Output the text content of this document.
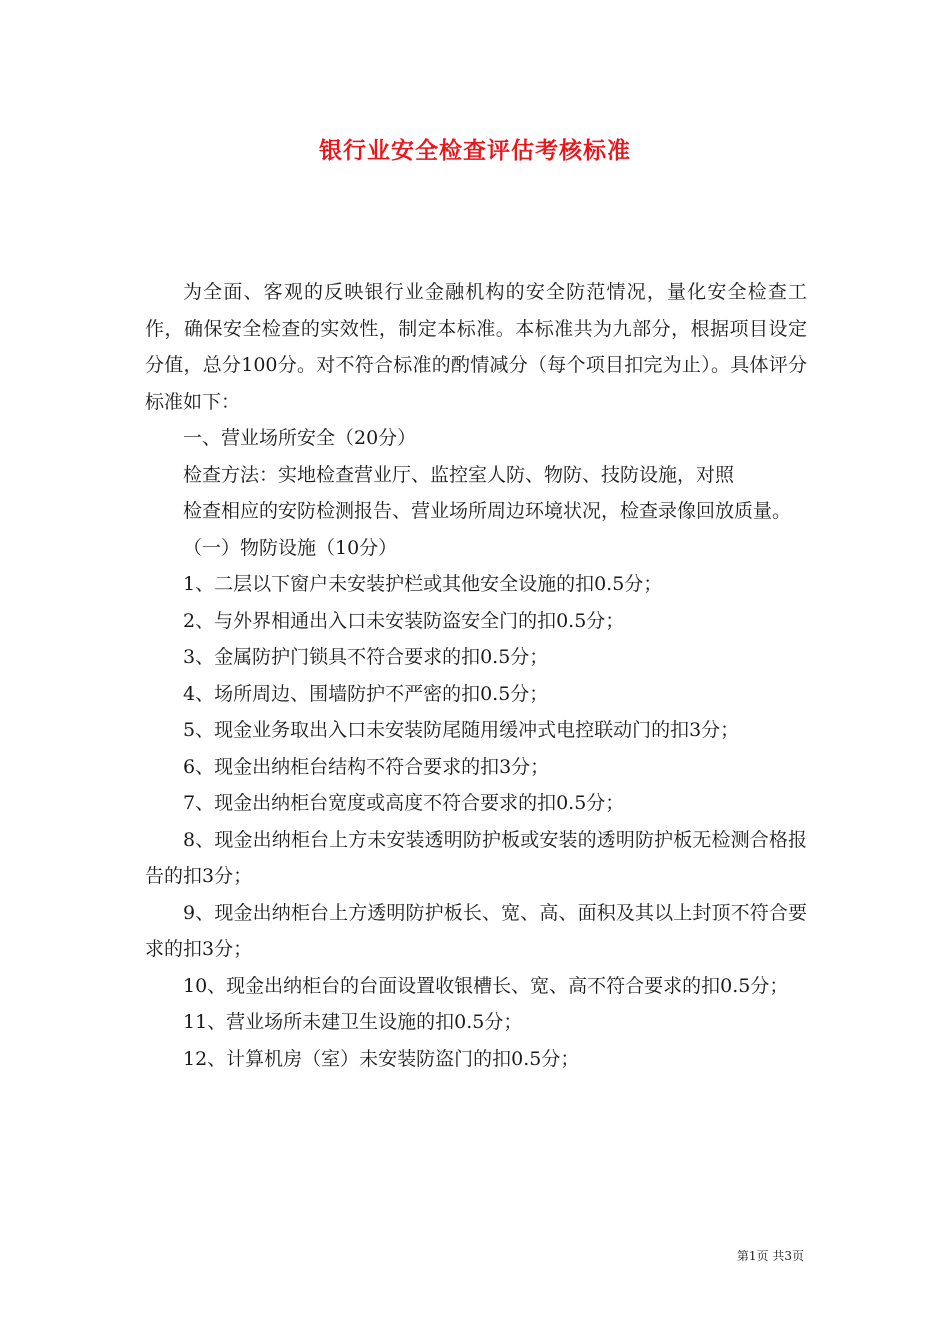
银行业安全检查评估考核标准

为全面、客观的反映银行业金融机构的安全防范情况，量化安全检查工作，确保安全检查的实效性，制定本标准。本标准共为九部分，根据项目设定分值，总分100分。对不符合标准的酌情减分（每个项目扣完为止）。具体评分标准如下：

一、营业场所安全（20分）

检查方法：实地检查营业厅、监控室人防、物防、技防设施，对照

检查相应的安防检测报告、营业场所周边环境状况，检查录像回放质量。

（一）物防设施（10分）

1、二层以下窗户未安装护栏或其他安全设施的扣0.5分；

2、与外界相通出入口未安装防盗安全门的扣0.5分；

3、金属防护门锁具不符合要求的扣0.5分；

4、场所周边、围墙防护不严密的扣0.5分；

5、现金业务取出入口未安装防尾随用缓冲式电控联动门的扣3分；

6、现金出纳柜台结构不符合要求的扣3分；

7、现金出纳柜台宽度或高度不符合要求的扣0.5分；

8、现金出纳柜台上方未安装透明防护板或安装的透明防护板无检测合格报告的扣3分；

9、现金出纳柜台上方透明防护板长、宽、高、面积及其以上封顶不符合要求的扣3分；

10、现金出纳柜台的台面设置收银槽长、宽、高不符合要求的扣0.5分；

11、营业场所未建卫生设施的扣0.5分；

12、计算机房（室）未安装防盗门的扣0.5分；

第1页 共3页
